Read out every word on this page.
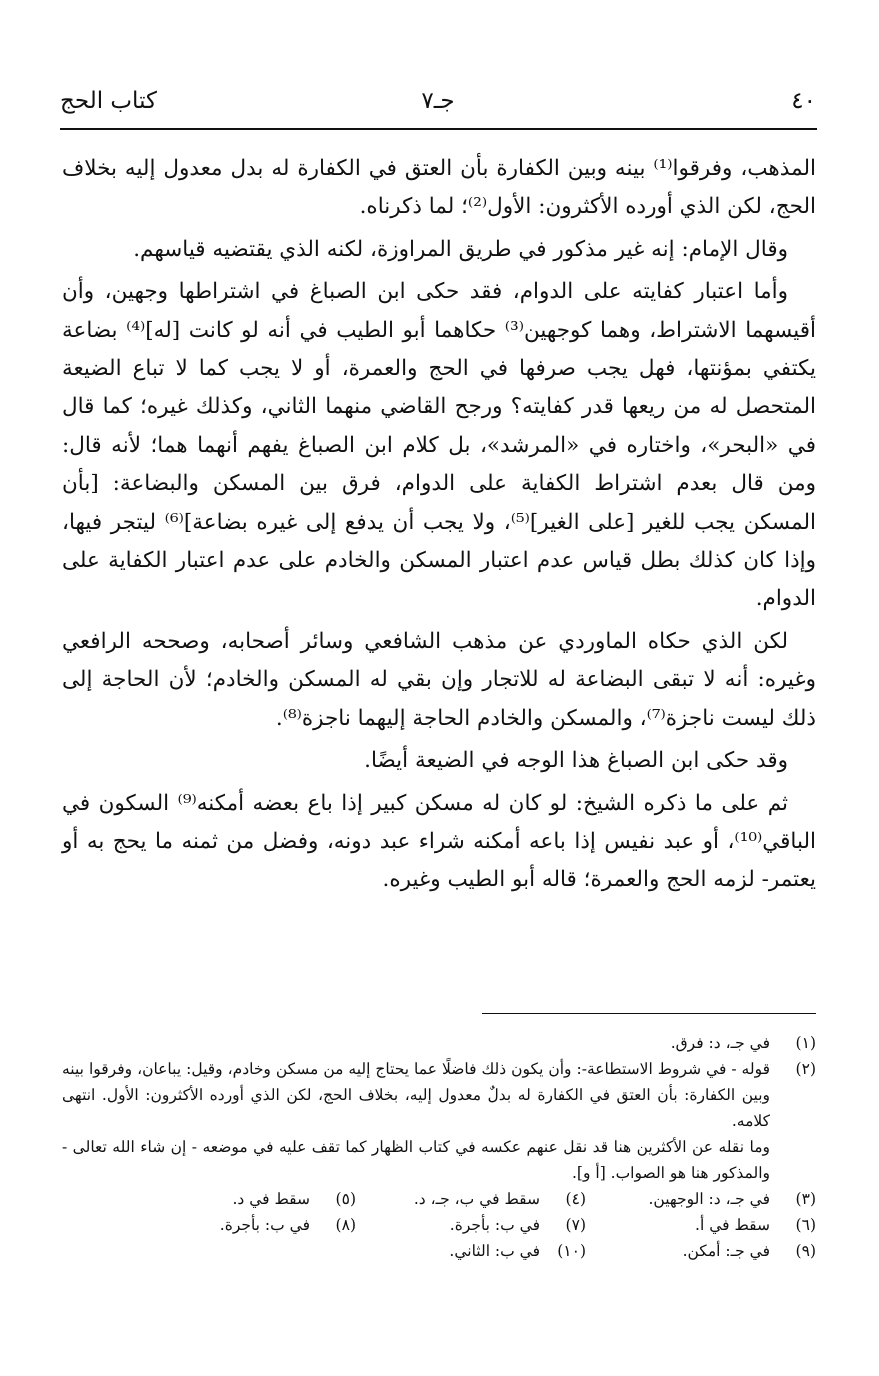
٤٠
جـ٧
كتاب الحج

المذهب، وفرقوا⁽¹⁾ بينه وبين الكفارة بأن العتق في الكفارة له بدل معدول إليه بخلاف الحج، لكن الذي أورده الأكثرون: الأول⁽²⁾؛ لما ذكرناه.

وقال الإمام: إنه غير مذكور في طريق المراوزة، لكنه الذي يقتضيه قياسهم.

وأما اعتبار كفايته على الدوام، فقد حكى ابن الصباغ في اشتراطها وجهين، وأن أقيسهما الاشتراط، وهما كوجهين⁽³⁾ حكاهما أبو الطيب في أنه لو كانت [له]⁽⁴⁾ بضاعة يكتفي بمؤنتها، فهل يجب صرفها في الحج والعمرة، أو لا يجب كما لا تباع الضيعة المتحصل له من ريعها قدر كفايته؟ ورجح القاضي منهما الثاني، وكذلك غيره؛ كما قال في «البحر»، واختاره في «المرشد»، بل كلام ابن الصباغ يفهم أنهما هما؛ لأنه قال: ومن قال بعدم اشتراط الكفاية على الدوام، فرق بين المسكن والبضاعة: [بأن المسكن يجب للغير [على الغير]⁽⁵⁾، ولا يجب أن يدفع إلى غيره بضاعة]⁽⁶⁾ ليتجر فيها، وإذا كان كذلك بطل قياس عدم اعتبار المسكن والخادم على عدم اعتبار الكفاية على الدوام.

لكن الذي حكاه الماوردي عن مذهب الشافعي وسائر أصحابه، وصححه الرافعي وغيره: أنه لا تبقى البضاعة له للاتجار وإن بقي له المسكن والخادم؛ لأن الحاجة إلى ذلك ليست ناجزة⁽⁷⁾، والمسكن والخادم الحاجة إليهما ناجزة⁽⁸⁾.

وقد حكى ابن الصباغ هذا الوجه في الضيعة أيضًا.

ثم على ما ذكره الشيخ: لو كان له مسكن كبير إذا باع بعضه أمكنه⁽⁹⁾ السكون في الباقي⁽¹⁰⁾، أو عبد نفيس إذا باعه أمكنه شراء عبد دونه، وفضل من ثمنه ما يحج به أو يعتمر- لزمه الحج والعمرة؛ قاله أبو الطيب وغيره.

(١)
في جـ، د: فرق.
(٢)
قوله - في شروط الاستطاعة-: وأن يكون ذلك فاضلًا عما يحتاج إليه من مسكن وخادم، وقيل: يباعان، وفرقوا بينه وبين الكفارة: بأن العتق في الكفارة له بدلٌ معدول إليه، بخلاف الحج، لكن الذي أورده الأكثرون: الأول. انتهى كلامه.
وما نقله عن الأكثرين هنا قد نقل عنهم عكسه في كتاب الظهار كما تقف عليه في موضعه - إن شاء الله تعالى - والمذكور هنا هو الصواب. [أ و].
(٣)
في جـ، د: الوجهين.
(٤)
سقط في ب، جـ، د.
(٥)
سقط في د.
(٦)
سقط في أ.
(٧)
في ب: بأجرة.
(٨)
في ب: بأجرة.
(٩)
في جـ: أمكن.
(١٠)
في ب: الثاني.
